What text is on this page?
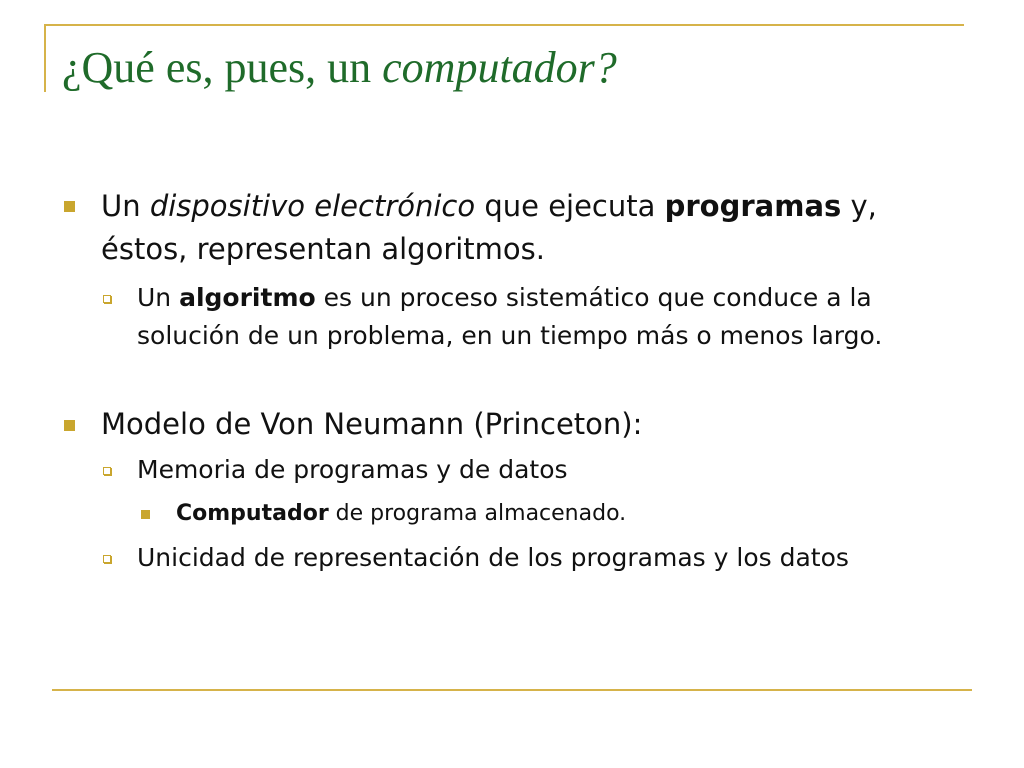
¿Qué es, pues, un computador?

Un dispositivo electrónico que ejecuta programas y, éstos, representan algoritmos.

Un algoritmo es un proceso sistemático que conduce a la solución de un problema, en un tiempo más o menos largo.

Modelo de Von Neumann (Princeton):

Memoria de programas y de datos

Computador de programa almacenado.

Unicidad de representación de los programas y los datos
